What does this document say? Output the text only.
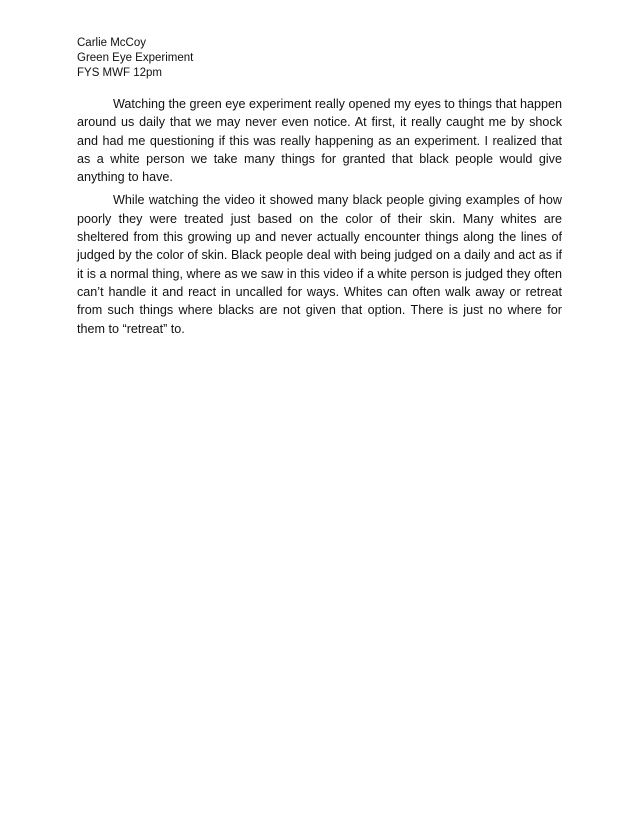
Carlie McCoy
Green Eye Experiment
FYS MWF 12pm

Watching the green eye experiment really opened my eyes to things that happen around us daily that we may never even notice. At first, it really caught me by shock and had me questioning if this was really happening as an experiment. I realized that as a white person we take many things for granted that black people would give anything to have.

While watching the video it showed many black people giving examples of how poorly they were treated just based on the color of their skin. Many whites are sheltered from this growing up and never actually encounter things along the lines of judged by the color of skin. Black people deal with being judged on a daily and act as if it is a normal thing, where as we saw in this video if a white person is judged they often can’t handle it and react in uncalled for ways. Whites can often walk away or retreat from such things where blacks are not given that option. There is just no where for them to “retreat” to.
